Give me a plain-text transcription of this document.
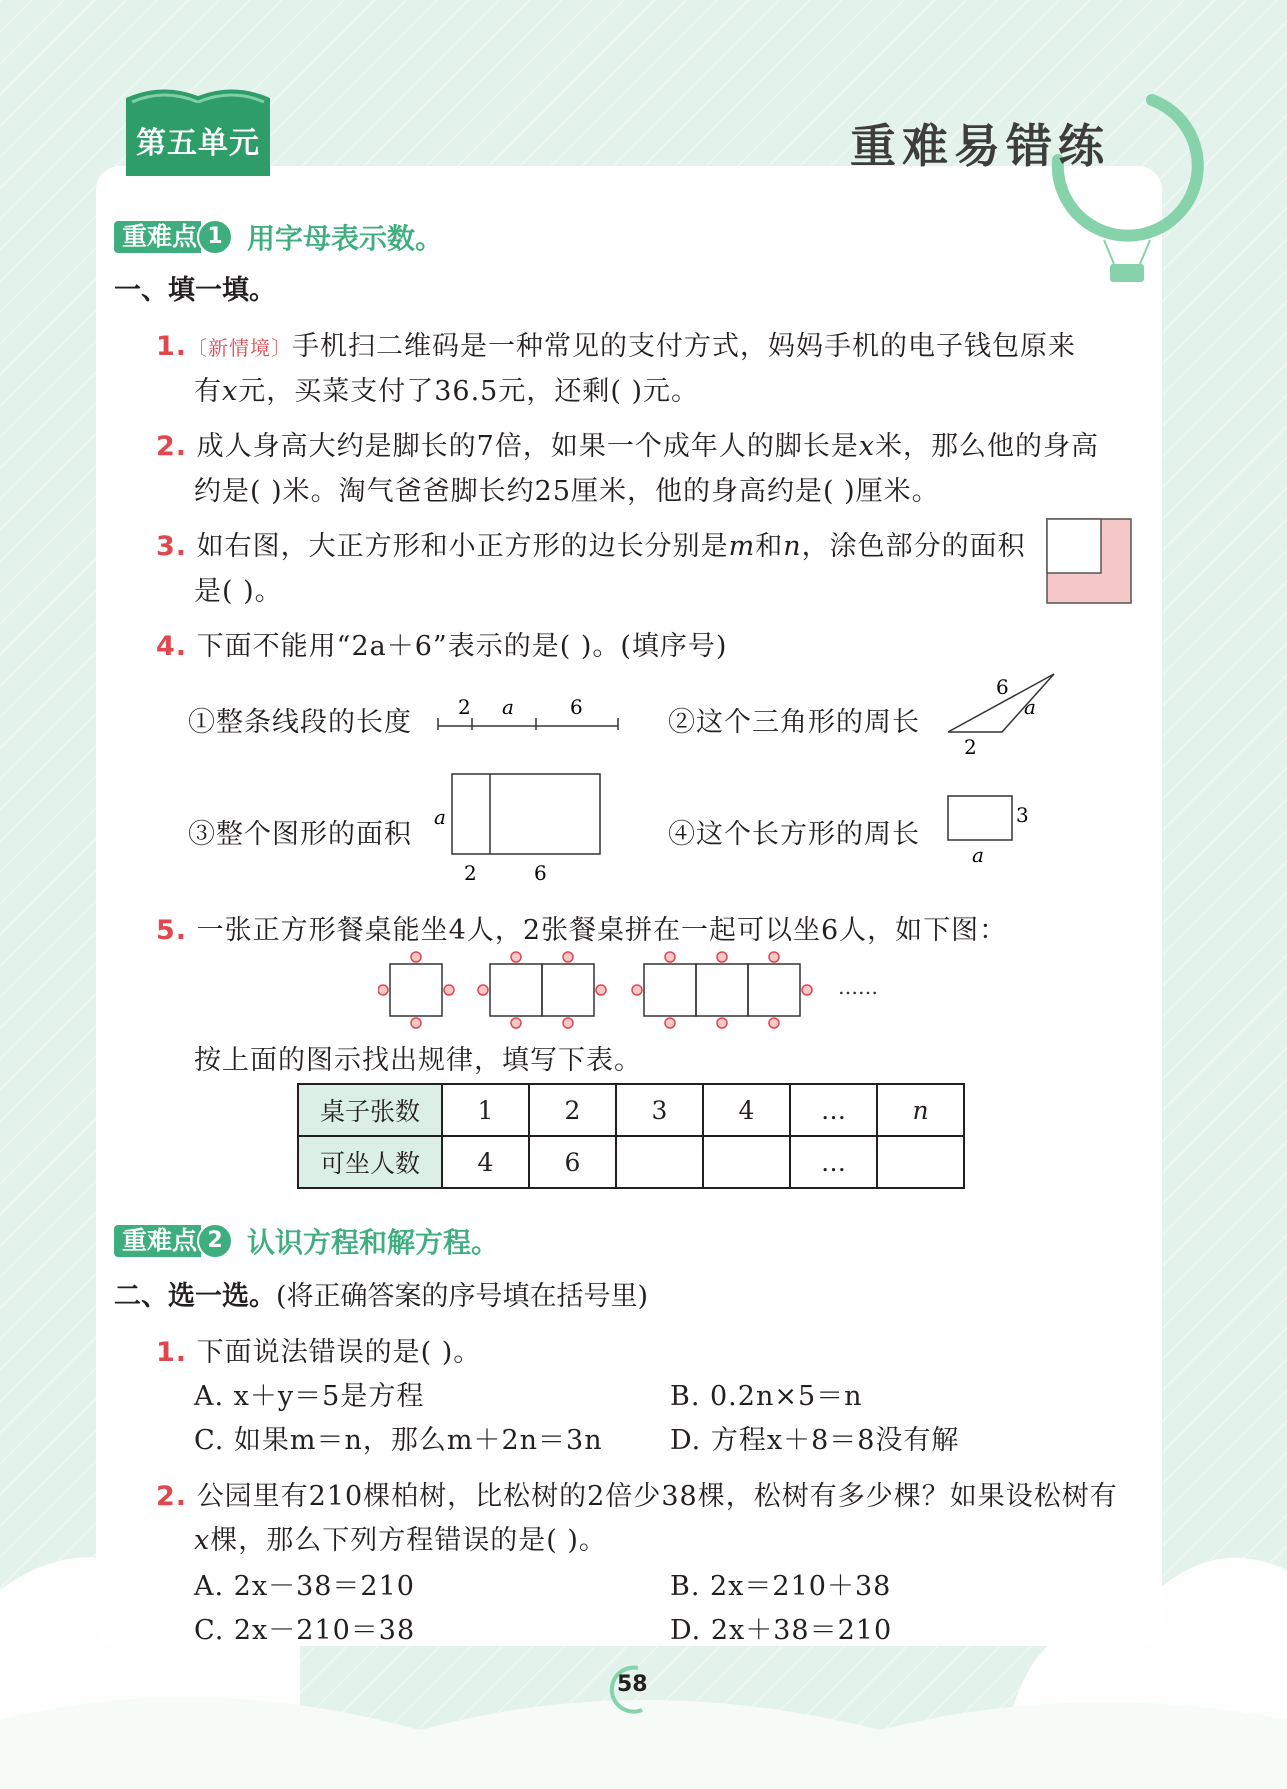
第五单元	重难易错练
重难点 1 用字母表示数。
一、填一填。
1.〔新情境〕手机扫二维码是一种常见的支付方式，妈妈手机的电子钱包原来
有x元，买菜支付了36.5元，还剩( )元。
2. 成人身高大约是脚长的7倍，如果一个成年人的脚长是x米，那么他的身高
约是( )米。淘气爸爸脚长约25厘米，他的身高约是( )厘米。
3. 如右图，大正方形和小正方形的边长分别是m和n，涂色部分的面积
是( )。
4. 下面不能用“2a＋6”表示的是( )。(填序号)
①整条线段的长度 2 a	6	②这个三角形的周长
6
a
2
③整个图形的面积
a
2	6
④这个长方形的周长
3
a
5. 一张正方形餐桌能坐4人，2张餐桌拼在一起可以坐6人，如下图：
……
按上面的图示找出规律，填写下表。
桌子张数	1	2	3	4	…	n
可坐人数	4	6			…	
重难点 2 认识方程和解方程。
二、选一选。(将正确答案的序号填在括号里)
1. 下面说法错误的是( )。
A. x＋y＝5是方程	B. 0.2n×5＝n
C. 如果m＝n，那么m＋2n＝3n D. 方程x＋8＝8没有解
2. 公园里有210棵柏树，比松树的2倍少38棵，松树有多少棵？如果设松树有
x棵，那么下列方程错误的是( )。
A. 2x－38＝210	B. 2x＝210＋38
C. 2x－210＝38	D. 2x＋38＝210
58
